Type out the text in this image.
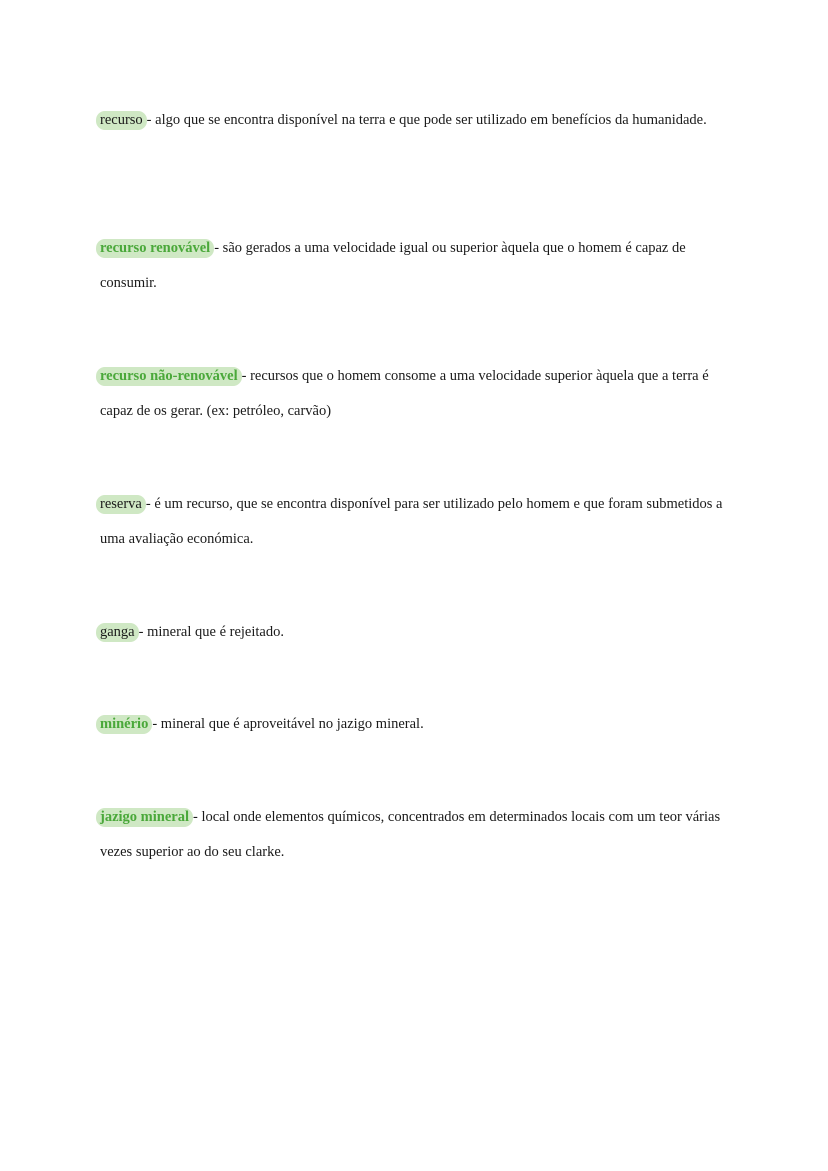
recurso - algo que se encontra disponível na terra e que pode ser utilizado em benefícios da humanidade.

recurso renovável - são gerados a uma velocidade igual ou superior àquela que o homem é capaz de consumir.

recurso não-renovável - recursos que o homem consome a uma velocidade superior àquela que a terra é capaz de os gerar. (ex: petróleo, carvão)

reserva - é um recurso, que se encontra disponível para ser utilizado pelo homem e que foram submetidos a uma avaliação económica.

ganga - mineral que é rejeitado.

minério - mineral que é aproveitável no jazigo mineral.

jazigo mineral - local onde elementos químicos, concentrados em determinados locais com um teor várias vezes superior ao do seu clarke.
